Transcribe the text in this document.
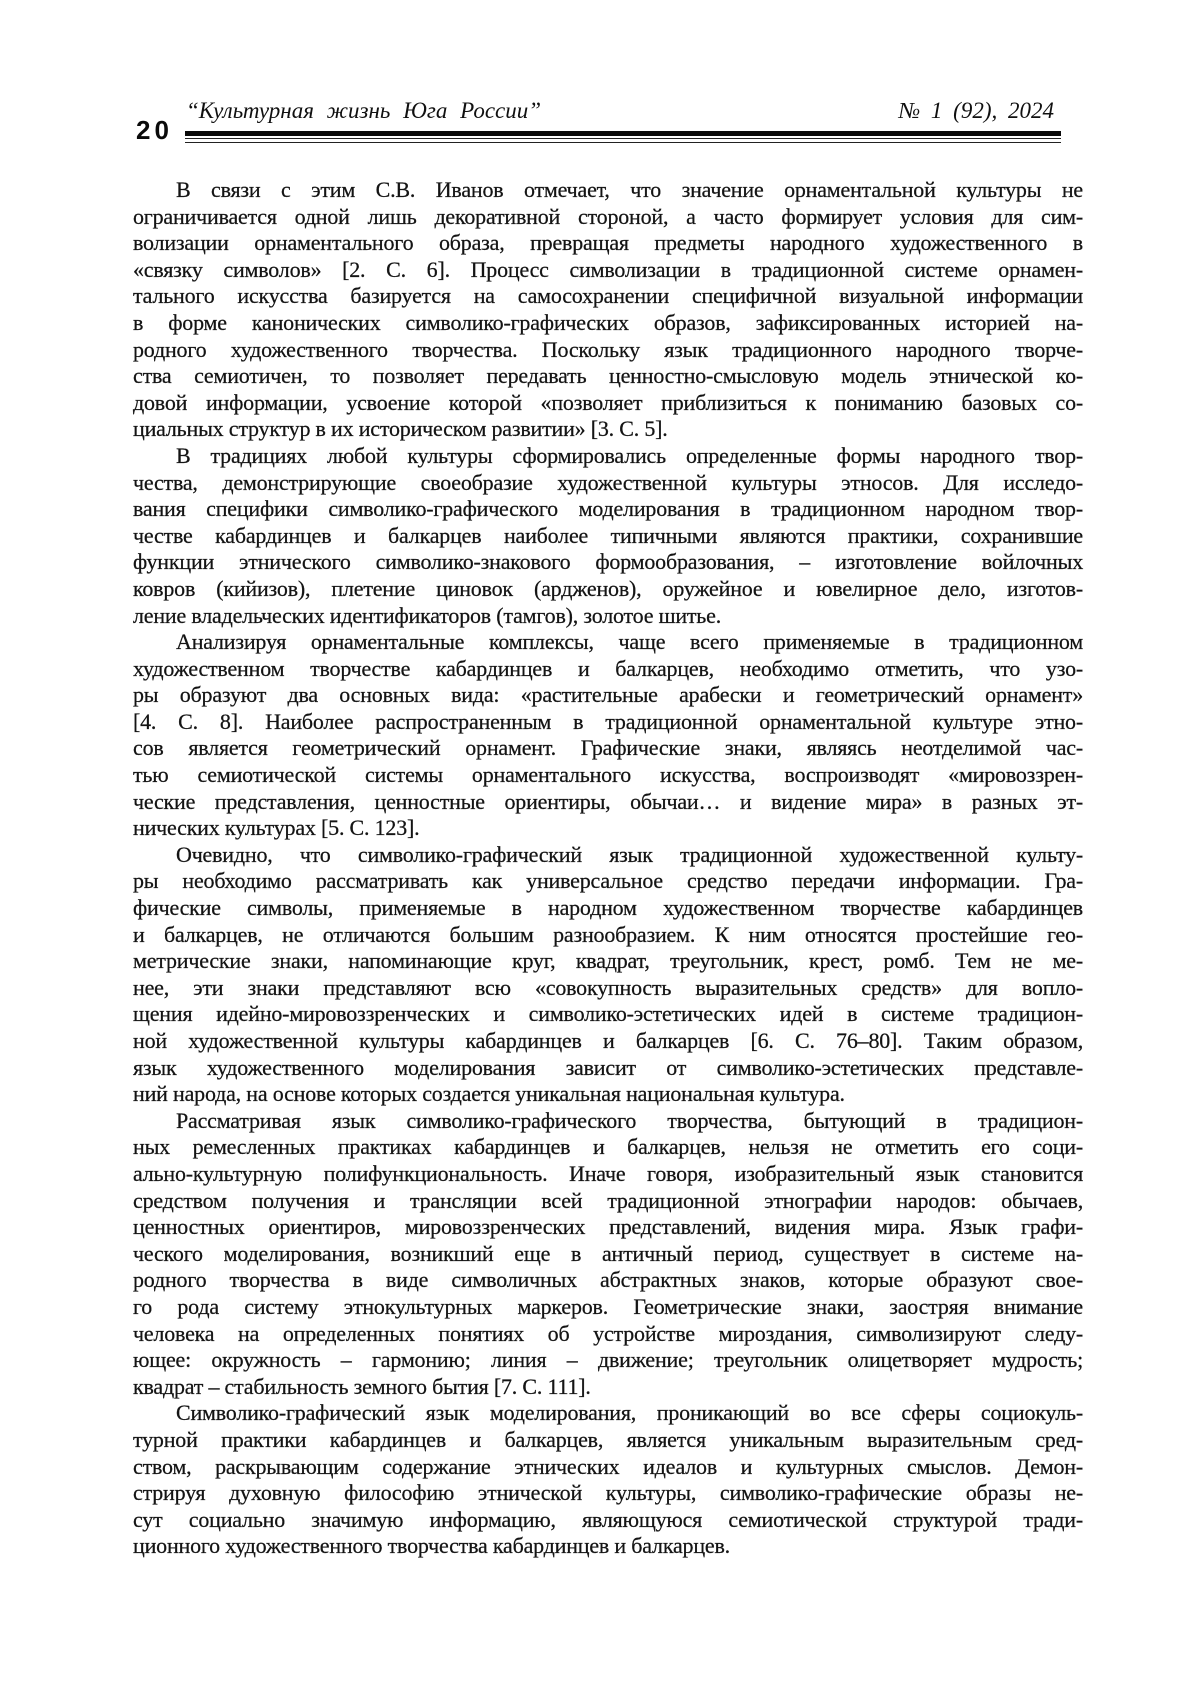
20
“Культурная жизнь Юга России”	№ 1 (92), 2024
В связи с этим С.В. Иванов отмечает, что значение орнаментальной культуры не
ограничивается одной лишь декоративной стороной, а часто формирует условия для сим-
волизации орнаментального образа, превращая предметы народного художественного в
«связку символов» [2. С. 6]. Процесс символизации в традиционной системе орнамен-
тального искусства базируется на самосохранении специфичной визуальной информации
в форме канонических символико-графических образов, зафиксированных историей на-
родного художественного творчества. Поскольку язык традиционного народного творче-
ства семиотичен, то позволяет передавать ценностно-смысловую модель этнической ко-
довой информации, усвоение которой «позволяет приблизиться к пониманию базовых со-
циальных структур в их историческом развитии» [3. С. 5].
В традициях любой культуры сформировались определенные формы народного твор-
чества, демонстрирующие своеобразие художественной культуры этносов. Для исследо-
вания специфики символико-графического моделирования в традиционном народном твор-
честве кабардинцев и балкарцев наиболее типичными являются практики, сохранившие
функции этнического символико-знакового формообразования, – изготовление войлочных
ковров (кийизов), плетение циновок (ардженов), оружейное и ювелирное дело, изготов-
ление владельческих идентификаторов (тамгов), золотое шитье.
Анализируя орнаментальные комплексы, чаще всего применяемые в традиционном
художественном творчестве кабардинцев и балкарцев, необходимо отметить, что узо-
ры образуют два основных вида: «растительные арабески и геометрический орнамент»
[4. С. 8]. Наиболее распространенным в традиционной орнаментальной культуре этно-
сов является геометрический орнамент. Графические знаки, являясь неотделимой час-
тью семиотической системы орнаментального искусства, воспроизводят «мировоззрен-
ческие представления, ценностные ориентиры, обычаи… и видение мира» в разных эт-
нических культурах [5. С. 123].
Очевидно, что символико-графический язык традиционной художественной культу-
ры необходимо рассматривать как универсальное средство передачи информации. Гра-
фические символы, применяемые в народном художественном творчестве кабардинцев
и балкарцев, не отличаются большим разнообразием. К ним относятся простейшие гео-
метрические знаки, напоминающие круг, квадрат, треугольник, крест, ромб. Тем не ме-
нее, эти знаки представляют всю «совокупность выразительных средств» для вопло-
щения идейно-мировоззренческих и символико-эстетических идей в системе традицион-
ной художественной культуры кабардинцев и балкарцев [6. С. 76–80]. Таким образом,
язык художественного моделирования зависит от символико-эстетических представле-
ний народа, на основе которых создается уникальная национальная культура.
Рассматривая язык символико-графического творчества, бытующий в традицион-
ных ремесленных практиках кабардинцев и балкарцев, нельзя не отметить его соци-
ально-культурную полифункциональность. Иначе говоря, изобразительный язык становится
средством получения и трансляции всей традиционной этнографии народов: обычаев,
ценностных ориентиров, мировоззренческих представлений, видения мира. Язык графи-
ческого моделирования, возникший еще в античный период, существует в системе на-
родного творчества в виде символичных абстрактных знаков, которые образуют свое-
го рода систему этнокультурных маркеров. Геометрические знаки, заостряя внимание
человека на определенных понятиях об устройстве мироздания, символизируют следу-
ющее: окружность – гармонию; линия – движение; треугольник олицетворяет мудрость;
квадрат – стабильность земного бытия [7. С. 111].
Символико-графический язык моделирования, проникающий во все сферы социокуль-
турной практики кабардинцев и балкарцев, является уникальным выразительным сред-
ством, раскрывающим содержание этнических идеалов и культурных смыслов. Демон-
стрируя духовную философию этнической культуры, символико-графические образы не-
сут социально значимую информацию, являющуюся семиотической структурой тради-
ционного художественного творчества кабардинцев и балкарцев.
